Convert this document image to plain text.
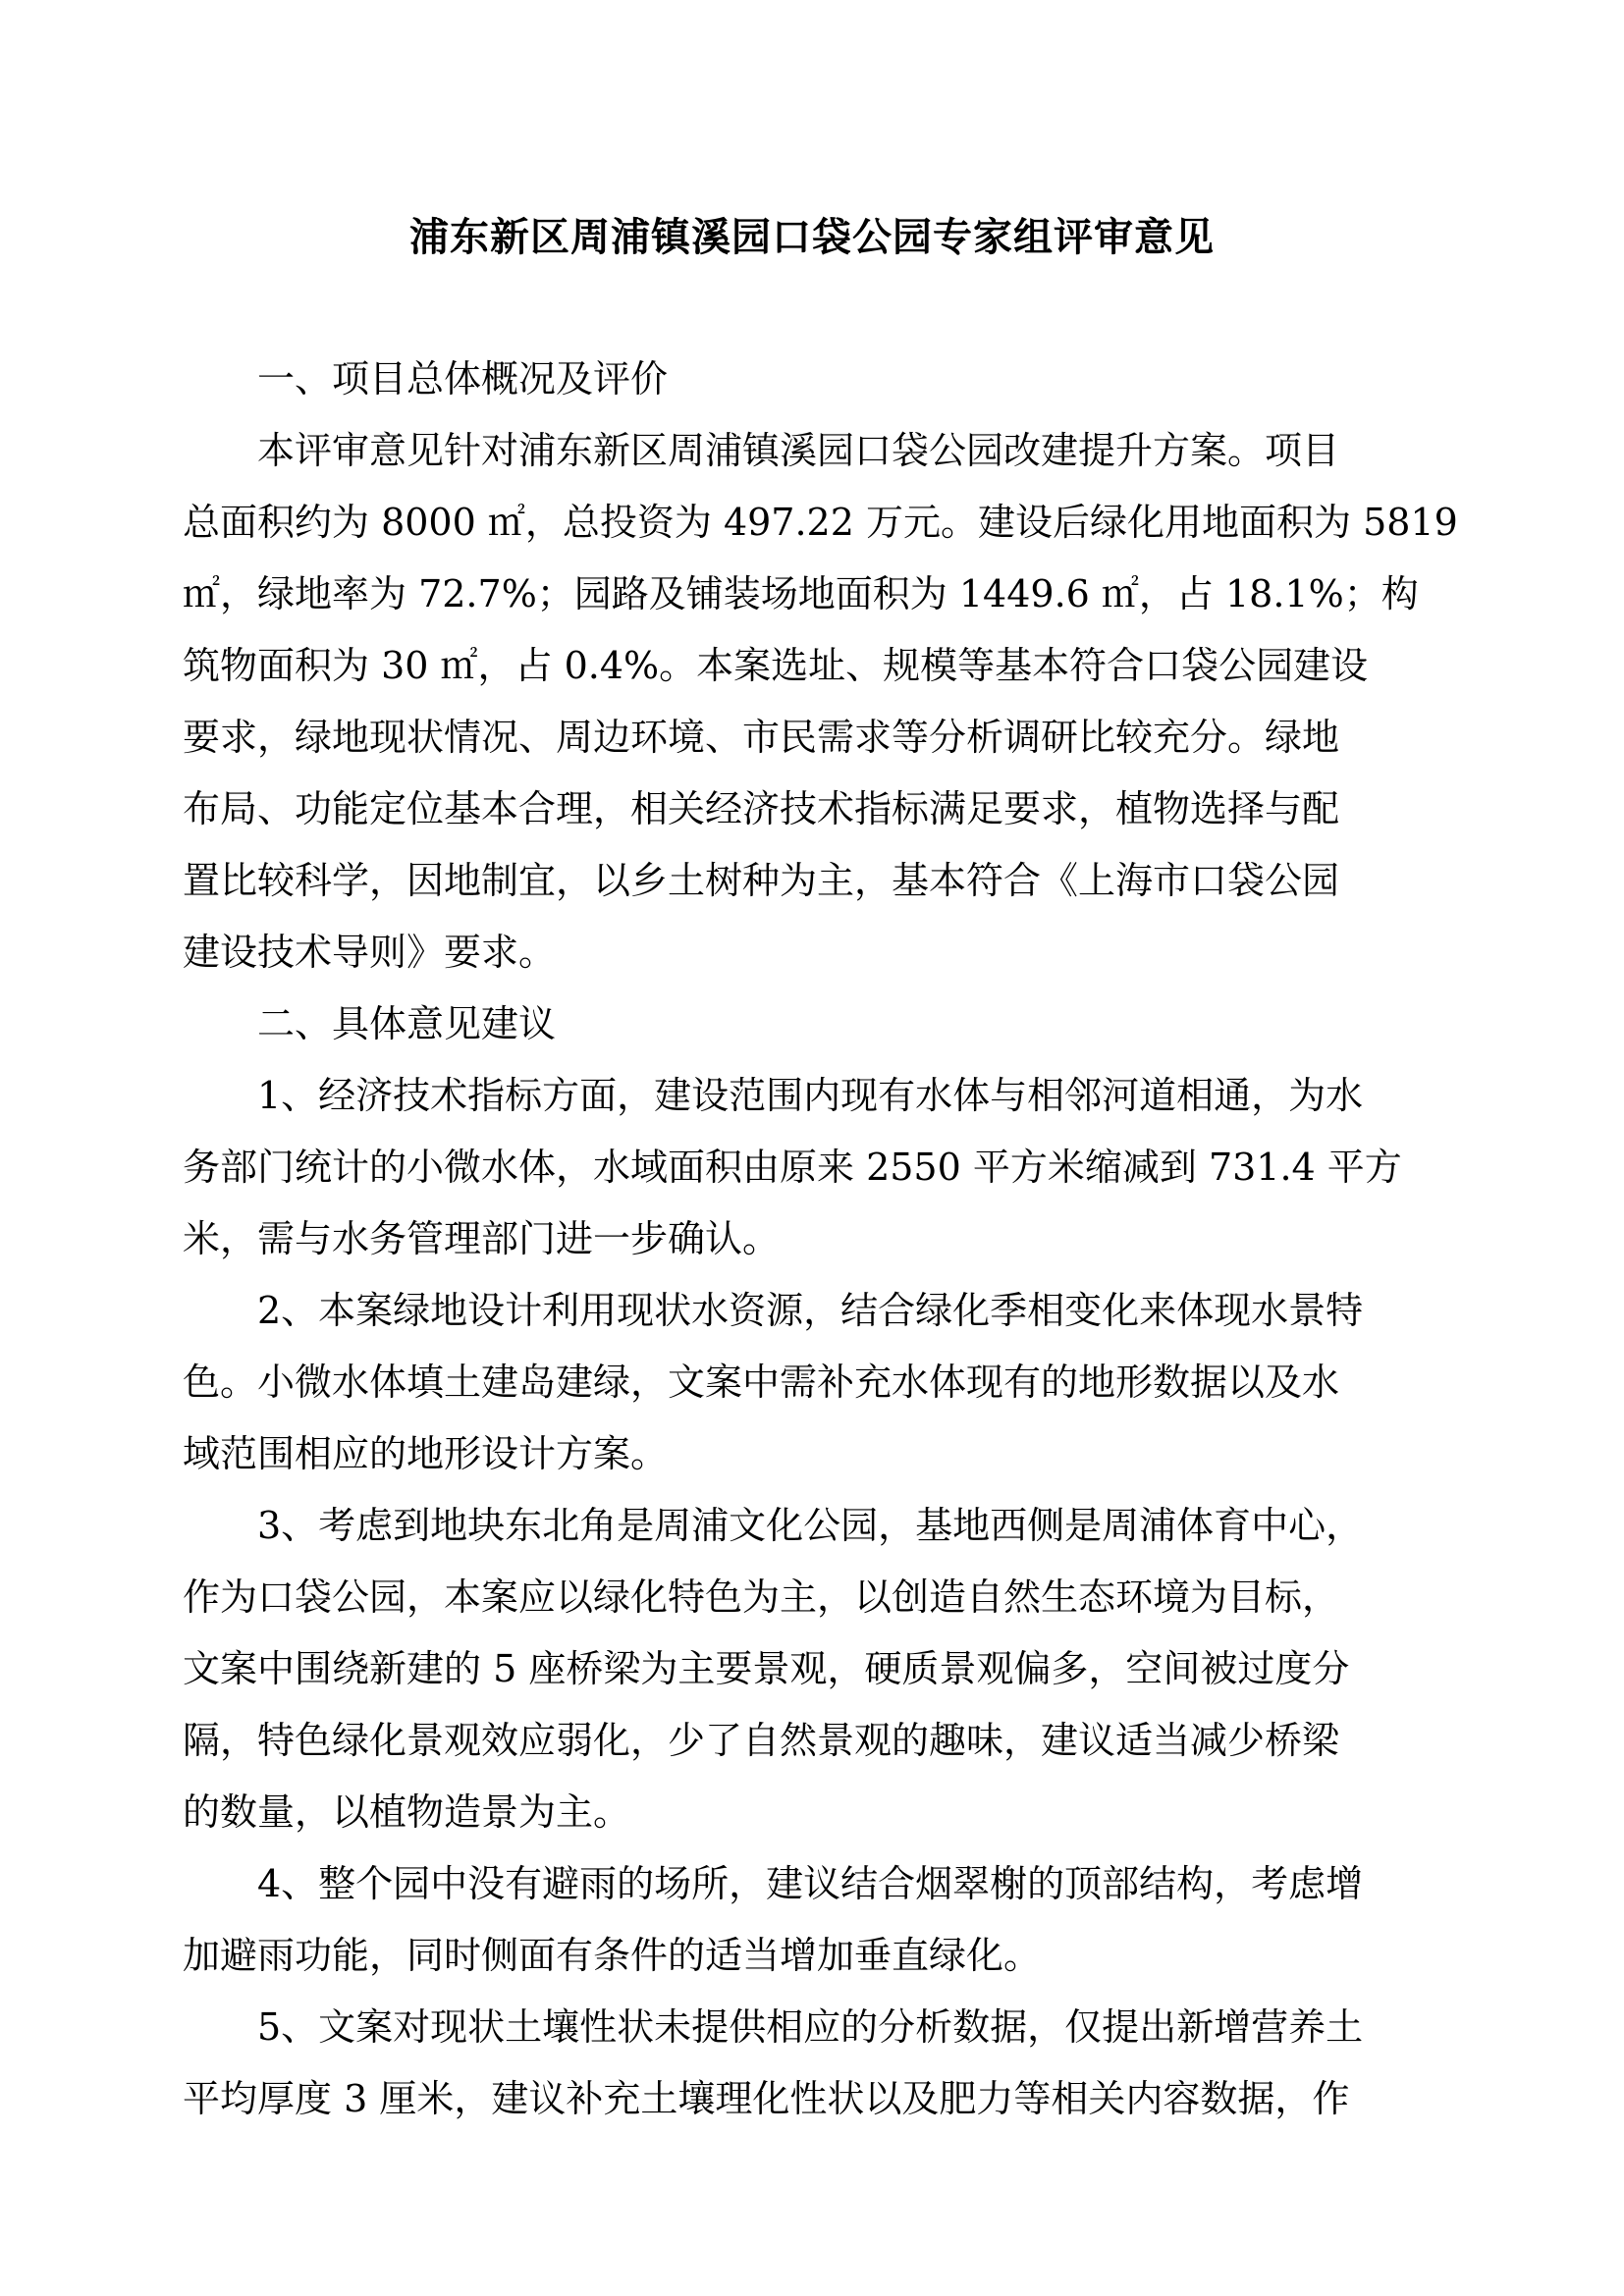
浦东新区周浦镇溪园口袋公园专家组评审意见
一、项目总体概况及评价
本评审意见针对浦东新区周浦镇溪园口袋公园改建提升方案。项目
总面积约为 8000 ㎡，总投资为 497.22 万元。建设后绿化用地面积为 5819
㎡，绿地率为 72.7%；园路及铺装场地面积为 1449.6 ㎡，占 18.1%；构
筑物面积为 30 ㎡，占 0.4%。本案选址、规模等基本符合口袋公园建设
要求，绿地现状情况、周边环境、市民需求等分析调研比较充分。绿地
布局、功能定位基本合理，相关经济技术指标满足要求，植物选择与配
置比较科学，因地制宜，以乡土树种为主，基本符合《上海市口袋公园
建设技术导则》要求。
二、具体意见建议
1、经济技术指标方面，建设范围内现有水体与相邻河道相通，为水
务部门统计的小微水体，水域面积由原来 2550 平方米缩减到 731.4 平方
米，需与水务管理部门进一步确认。
2、本案绿地设计利用现状水资源，结合绿化季相变化来体现水景特
色。小微水体填土建岛建绿，文案中需补充水体现有的地形数据以及水
域范围相应的地形设计方案。
3、考虑到地块东北角是周浦文化公园，基地西侧是周浦体育中心，
作为口袋公园，本案应以绿化特色为主，以创造自然生态环境为目标，
文案中围绕新建的 5 座桥梁为主要景观，硬质景观偏多，空间被过度分
隔，特色绿化景观效应弱化，少了自然景观的趣味，建议适当减少桥梁
的数量，以植物造景为主。
4、整个园中没有避雨的场所，建议结合烟翠榭的顶部结构，考虑增
加避雨功能，同时侧面有条件的适当增加垂直绿化。
5、文案对现状土壤性状未提供相应的分析数据，仅提出新增营养土
平均厚度 3 厘米，建议补充土壤理化性状以及肥力等相关内容数据，作
